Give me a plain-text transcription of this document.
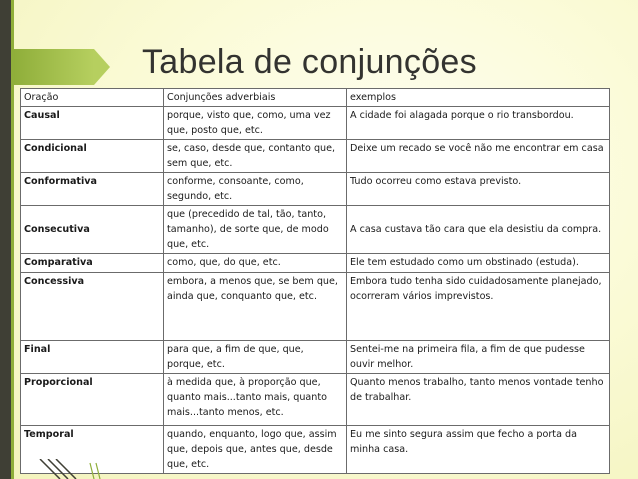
Tabela de conjunções
Oração	Conjunções adverbiais	exemplos
Causal	porque, visto que, como, uma vez que, posto que, etc.	A cidade foi alagada porque o rio transbordou.
Condicional	se, caso, desde que, contanto que, sem que, etc.	Deixe um recado se você não me encontrar em casa
Conformativa	conforme, consoante, como, segundo, etc.	Tudo ocorreu como estava previsto.
Consecutiva	que (precedido de tal, tão, tanto, tamanho), de sorte que, de modo que, etc.	A casa custava tão cara que ela desistiu da compra.
Comparativa	como, que, do que, etc.	Ele tem estudado como um obstinado (estuda).
Concessiva	embora, a menos que, se bem que, ainda que, conquanto que, etc.	Embora tudo tenha sido cuidadosamente planejado, ocorreram vários imprevistos.
Final	para que, a fim de que, que, porque, etc.	Sentei-me na primeira fila, a fim de que pudesse ouvir melhor.
Proporcional	à medida que, à proporção que, quanto mais...tanto mais, quanto mais...tanto menos, etc.	Quanto menos trabalho, tanto menos vontade tenho de trabalhar.
Temporal	quando, enquanto, logo que, assim que, depois que, antes que, desde que, etc.	Eu me sinto segura assim que fecho a porta da minha casa.
